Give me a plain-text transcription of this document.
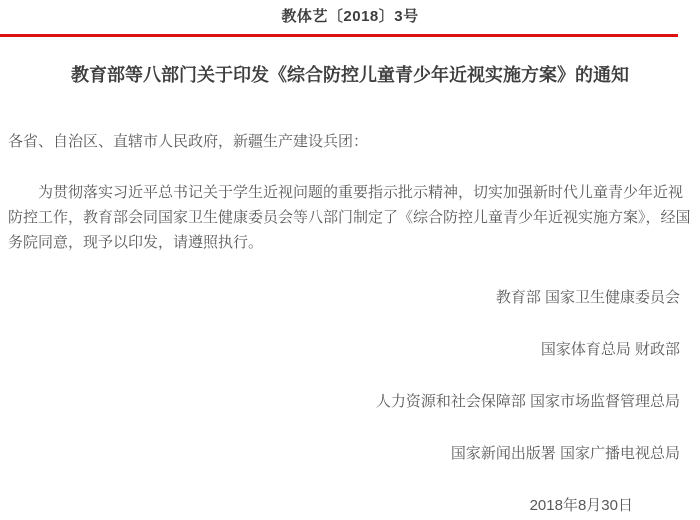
教体艺〔2018〕3号
教育部等八部门关于印发《综合防控儿童青少年近视实施方案》的通知
各省、自治区、直辖市人民政府，新疆生产建设兵团：

为贯彻落实习近平总书记关于学生近视问题的重要指示批示精神，切实加强新时代儿童青少年近视防控工作，教育部会同国家卫生健康委员会等八部门制定了《综合防控儿童青少年近视实施方案》，经国务院同意，现予以印发，请遵照执行。

教育部 国家卫生健康委员会
国家体育总局 财政部
人力资源和社会保障部 国家市场监督管理总局
国家新闻出版署 国家广播电视总局
2018年8月30日
